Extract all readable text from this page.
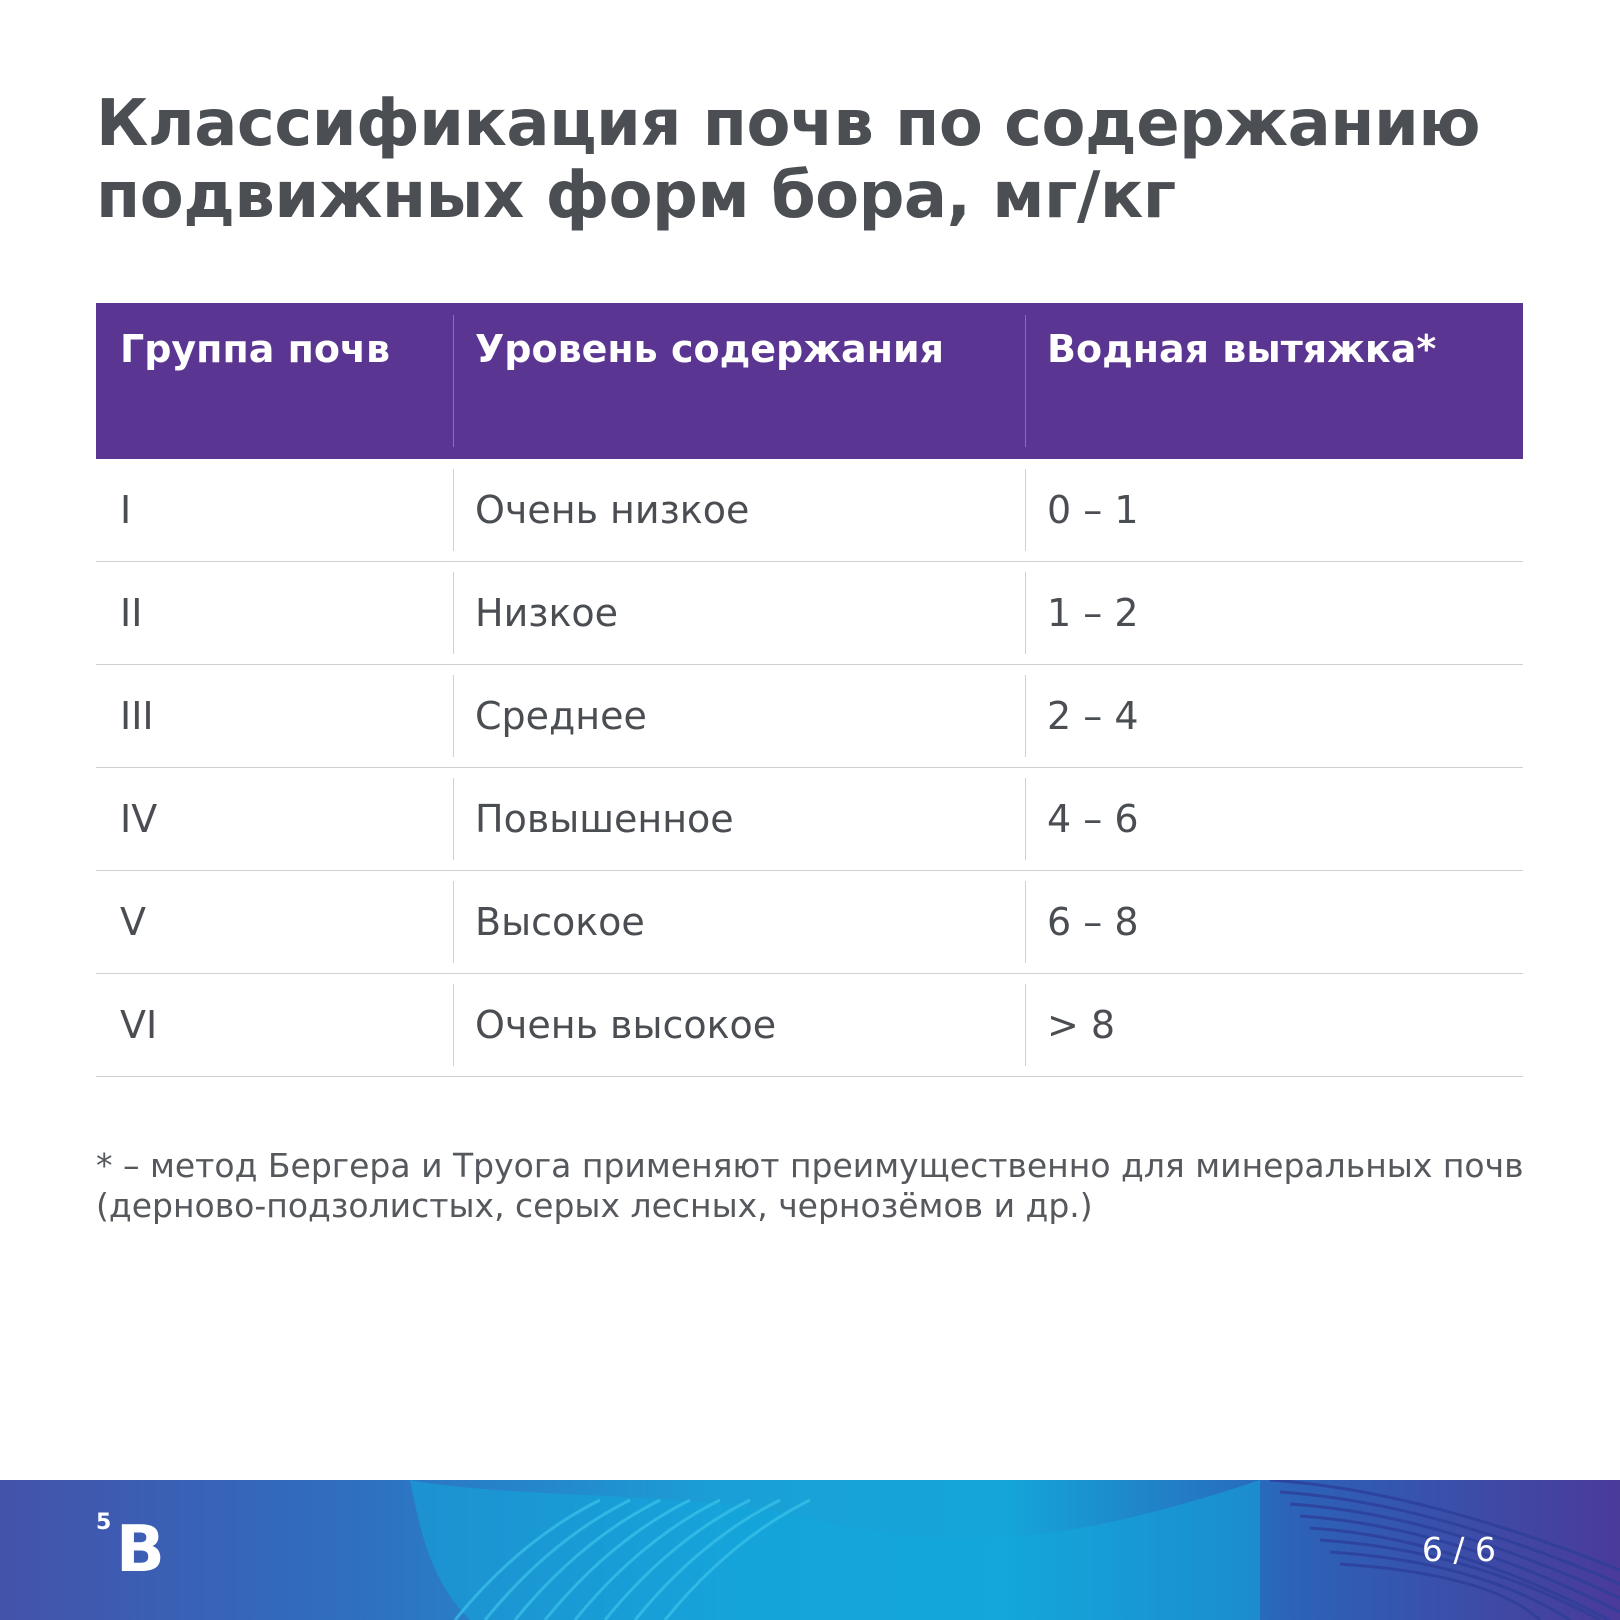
Классификация почв по содержанию подвижных форм бора, мг/кг
Группа почв	Уровень содержания	Водная вытяжка*
I	Очень низкое	0 – 1
II	Низкое	1 – 2
III	Среднее	2 – 4
IV	Повышенное	4 – 6
V	Высокое	6 – 8
VI	Очень высокое	> 8

* – метод Бергера и Труога применяют преимущественно для минеральных почв (дерново-подзолистых, серых лесных, чернозёмов и др.)

5 B	6 / 6
